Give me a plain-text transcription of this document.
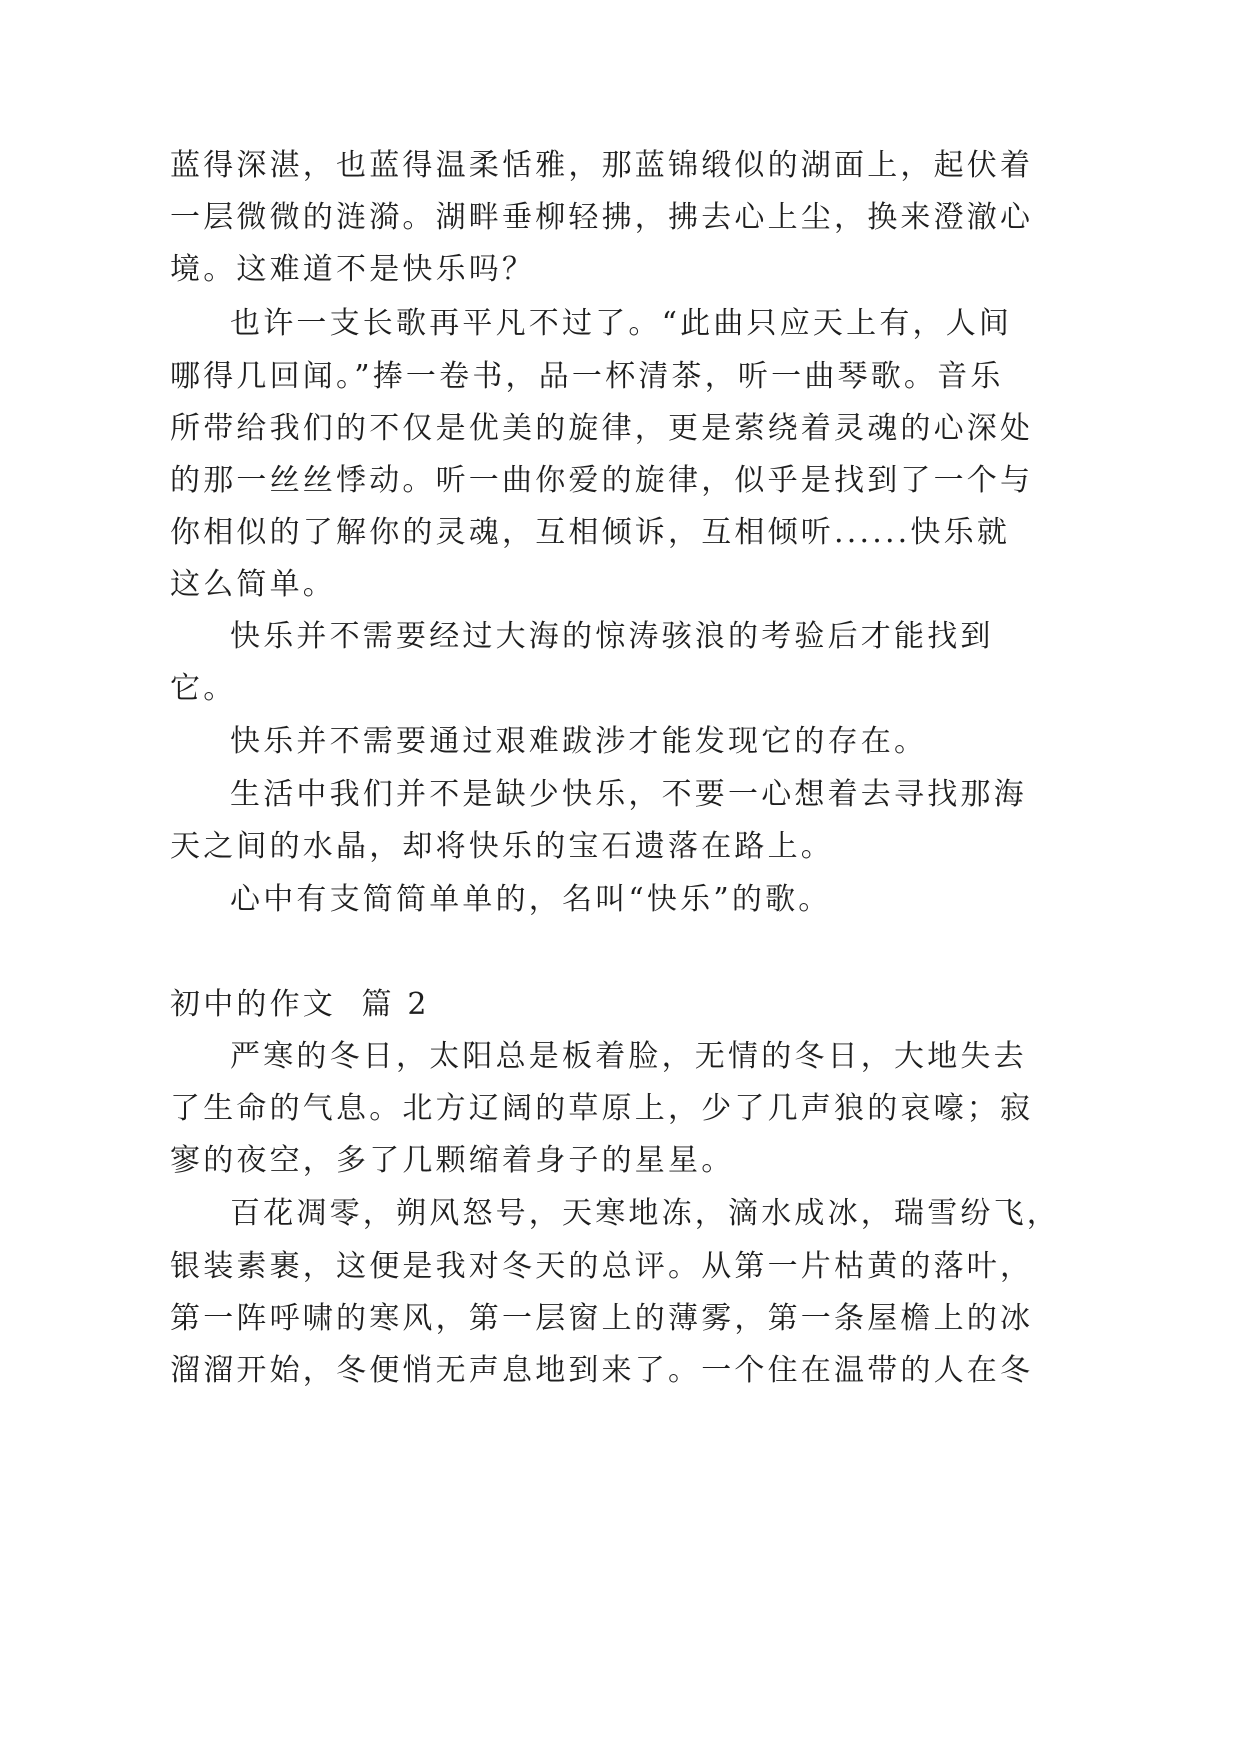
蓝得深湛，也蓝得温柔恬雅，那蓝锦缎似的湖面上，起伏着
一层微微的涟漪。湖畔垂柳轻拂，拂去心上尘，换来澄澈心
境。这难道不是快乐吗？
也许一支长歌再平凡不过了。“此曲只应天上有，人间
哪得几回闻。”捧一卷书，品一杯清茶，听一曲琴歌。音乐
所带给我们的不仅是优美的旋律，更是萦绕着灵魂的心深处
的那一丝丝悸动。听一曲你爱的旋律，似乎是找到了一个与
你相似的了解你的灵魂，互相倾诉，互相倾听......快乐就
这么简单。
快乐并不需要经过大海的惊涛骇浪的考验后才能找到
它。
快乐并不需要通过艰难跋涉才能发现它的存在。
生活中我们并不是缺少快乐，不要一心想着去寻找那海
天之间的水晶，却将快乐的宝石遗落在路上。
心中有支简简单单的，名叫“快乐”的歌。
初中的作文  篇 2
严寒的冬日，太阳总是板着脸，无情的冬日，大地失去
了生命的气息。北方辽阔的草原上，少了几声狼的哀嚎；寂
寥的夜空，多了几颗缩着身子的星星。
百花凋零，朔风怒号，天寒地冻，滴水成冰，瑞雪纷飞，
银装素裹，这便是我对冬天的总评。从第一片枯黄的落叶，
第一阵呼啸的寒风，第一层窗上的薄雾，第一条屋檐上的冰
溜溜开始，冬便悄无声息地到来了。一个住在温带的人在冬
